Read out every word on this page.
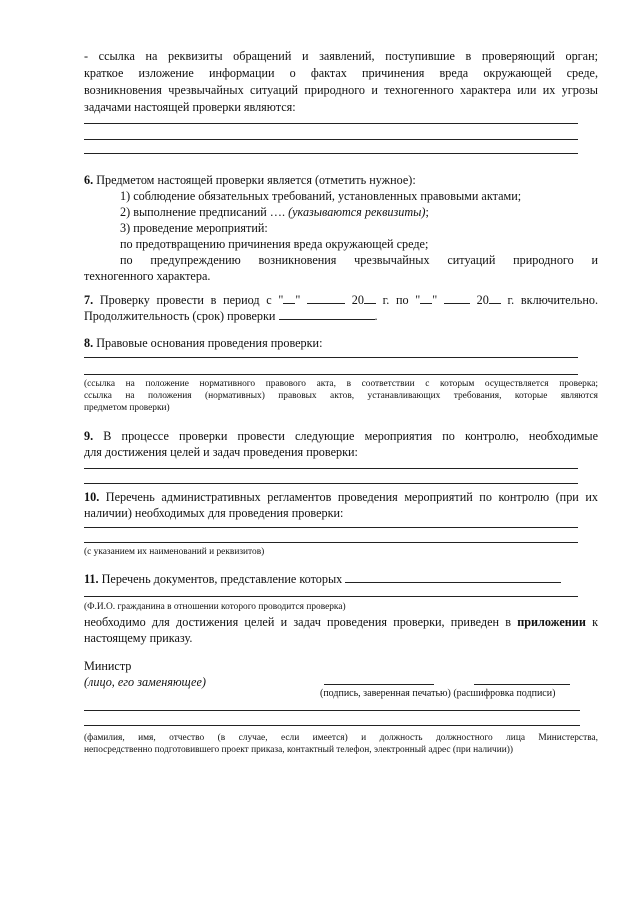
- ссылка на реквизиты обращений и заявлений, поступившие в проверяющий орган;

краткое изложение информации о фактах причинения вреда окружающей среде,

возникновения чрезвычайных ситуаций природного и техногенного характера или их угрозы

задачами настоящей проверки являются:

6. Предметом настоящей проверки является (отметить нужное):

1) соблюдение обязательных требований, установленных правовыми актами;

2) выполнение предписаний …. (указываются реквизиты);

3) проведение мероприятий:

по предотвращению причинения вреда окружающей среде;

по предупреждению возникновения чрезвычайных ситуаций природного и

техногенного характера.

7. Проверку провести в период с " "	20 г. по " "  20 г. включительно.

Продолжительность (срок) проверки	.

8. Правовые основания проведения проверки:

(ссылка на положение нормативного правового акта, в соответствии с которым осуществляется проверка;

ссылка на положения (нормативных) правовых актов, устанавливающих требования, которые являются

предметом проверки)

9. В процессе проверки провести следующие мероприятия по контролю, необходимые

для достижения целей и задач проведения проверки:

10. Перечень административных регламентов проведения мероприятий по контролю (при их

наличии) необходимых для проведения проверки:

(с указанием их наименований и реквизитов)

11. Перечень документов, представление которых

(Ф.И.О. гражданина в отношении которого проводится проверка)

необходимо для достижения целей и задач проведения проверки, приведен в приложении к

настоящему приказу.

Министр

(лицо, его заменяющее)

(подпись, заверенная печатью) (расшифровка подписи)

(фамилия, имя, отчество (в случае, если имеется) и должность должностного лица Министерства,

непосредственно подготовившего проект приказа, контактный телефон, электронный адрес (при наличии))
